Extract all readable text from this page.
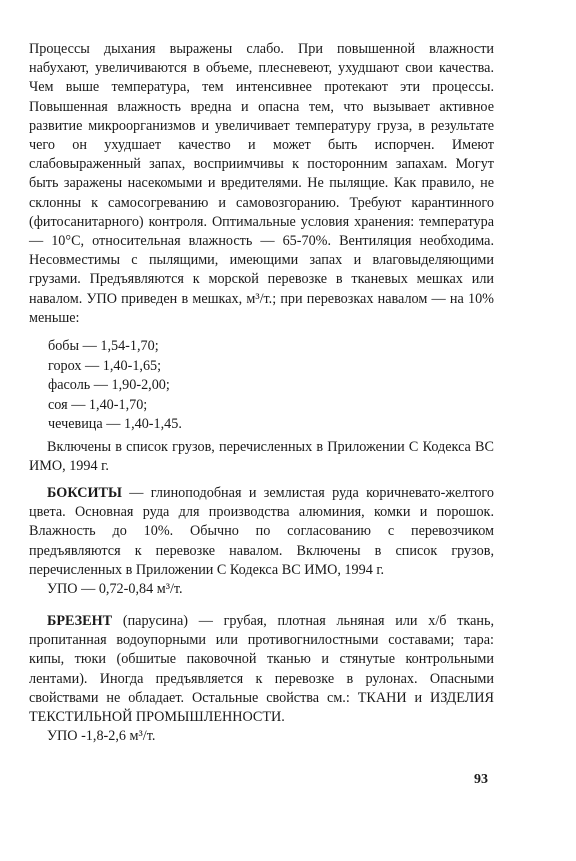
Процессы дыхания выражены слабо. При повышенной влажности набухают, увеличиваются в объеме, плесневеют, ухудшают свои качества. Чем выше температура, тем интенсивнее протекают эти процессы. Повышенная влажность вредна и опасна тем, что вызывает активное развитие микроорганизмов и увеличивает температуру груза, в результате чего он ухудшает качество и может быть испорчен. Имеют слабовыраженный запах, восприимчивы к посторонним запахам. Могут быть заражены насекомыми и вредителями. Не пылящие. Как правило, не склонны к самосогреванию и самовозгоранию. Требуют карантинного (фитосанитарного) контроля. Оптимальные условия хранения: температура — 10°С, относительная влажность — 65-70%. Вентиляция необходима. Несовместимы с пылящими, имеющими запах и влаговыделяющими грузами. Предъявляются к морской перевозке в тканевых мешках или навалом. УПО приведен в мешках, м³/т.; при перевозках навалом — на 10% меньше:

бобы — 1,54-1,70;
горох — 1,40-1,65;
фасоль — 1,90-2,00;
соя — 1,40-1,70;
чечевица — 1,40-1,45.

Включены в список грузов, перечисленных в Приложении С Кодекса ВС ИМО, 1994 г.

БОКСИТЫ — глиноподобная и землистая руда коричневато-желтого цвета. Основная руда для производства алюминия, комки и порошок. Влажность до 10%. Обычно по согласованию с перевозчиком предъявляются к перевозке навалом. Включены в список грузов, перечисленных в Приложении С Кодекса ВС ИМО, 1994 г.

УПО — 0,72-0,84 м³/т.

БРЕЗЕНТ (парусина) — грубая, плотная льняная или х/б ткань, пропитанная водоупорными или противогнилостными составами; тара: кипы, тюки (обшитые паковочной тканью и стянутые контрольными лентами). Иногда предъявляется к перевозке в рулонах. Опасными свойствами не обладает. Остальные свойства см.: ТКАНИ и ИЗДЕЛИЯ ТЕКСТИЛЬНОЙ ПРОМЫШЛЕННОСТИ.

УПО -1,8-2,6 м³/т.

93
